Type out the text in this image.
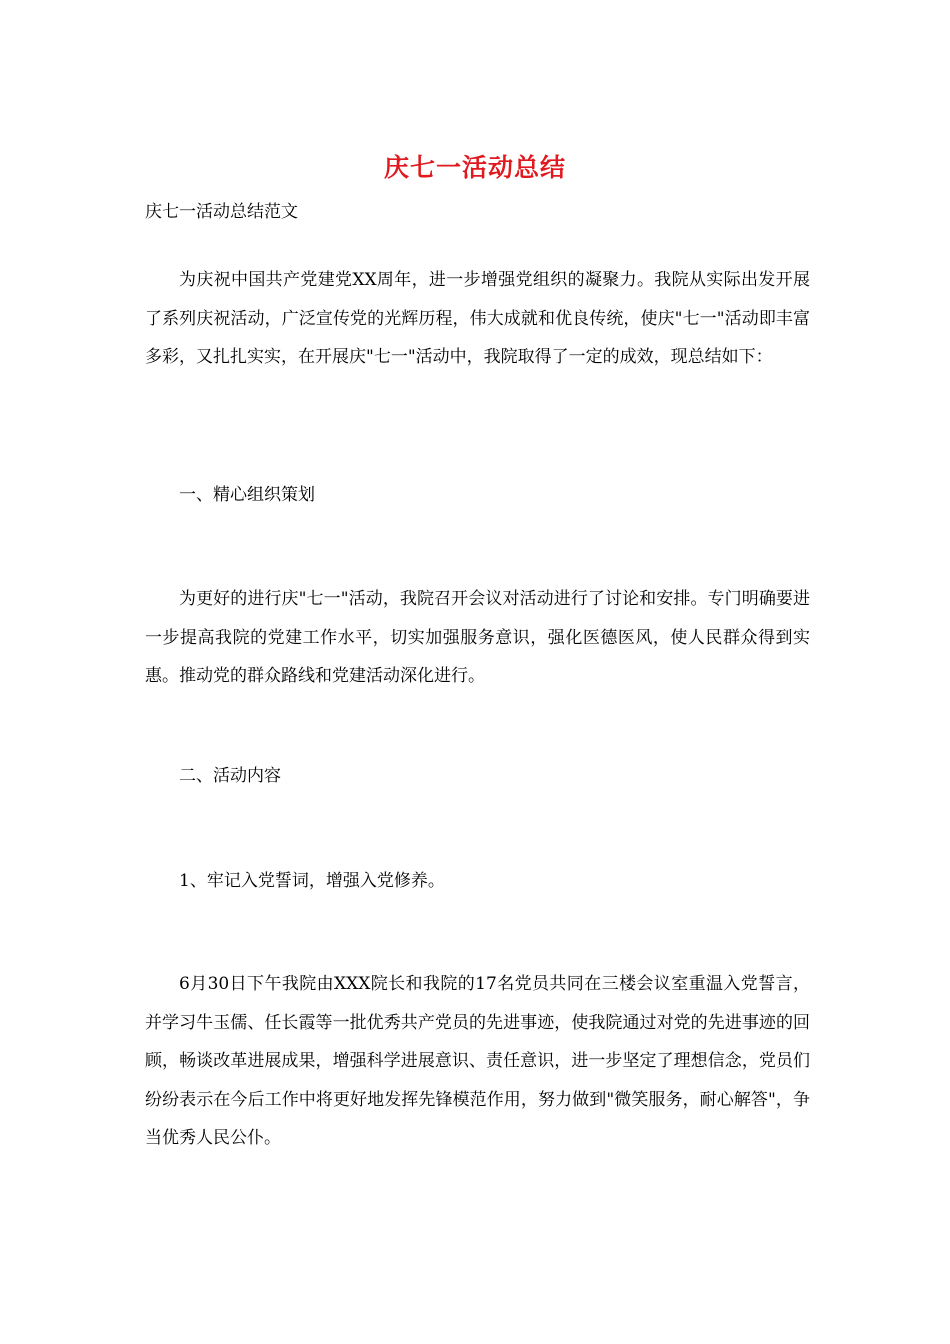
庆七一活动总结
庆七一活动总结范文

为庆祝中国共产党建党XX周年，进一步增强党组织的凝聚力。我院从实际出发开展了系列庆祝活动，广泛宣传党的光辉历程，伟大成就和优良传统，使庆"七一"活动即丰富多彩，又扎扎实实，在开展庆"七一"活动中，我院取得了一定的成效，现总结如下：

一、精心组织策划

为更好的进行庆"七一"活动，我院召开会议对活动进行了讨论和安排。专门明确要进一步提高我院的党建工作水平，切实加强服务意识，强化医德医风，使人民群众得到实惠。推动党的群众路线和党建活动深化进行。

二、活动内容

1、牢记入党誓词，增强入党修养。

6月30日下午我院由XXX院长和我院的17名党员共同在三楼会议室重温入党誓言，并学习牛玉儒、任长霞等一批优秀共产党员的先进事迹，使我院通过对党的先进事迹的回顾，畅谈改革进展成果，增强科学进展意识、责任意识，进一步坚定了理想信念，党员们纷纷表示在今后工作中将更好地发挥先锋模范作用，努力做到"微笑服务，耐心解答"，争当优秀人民公仆。
